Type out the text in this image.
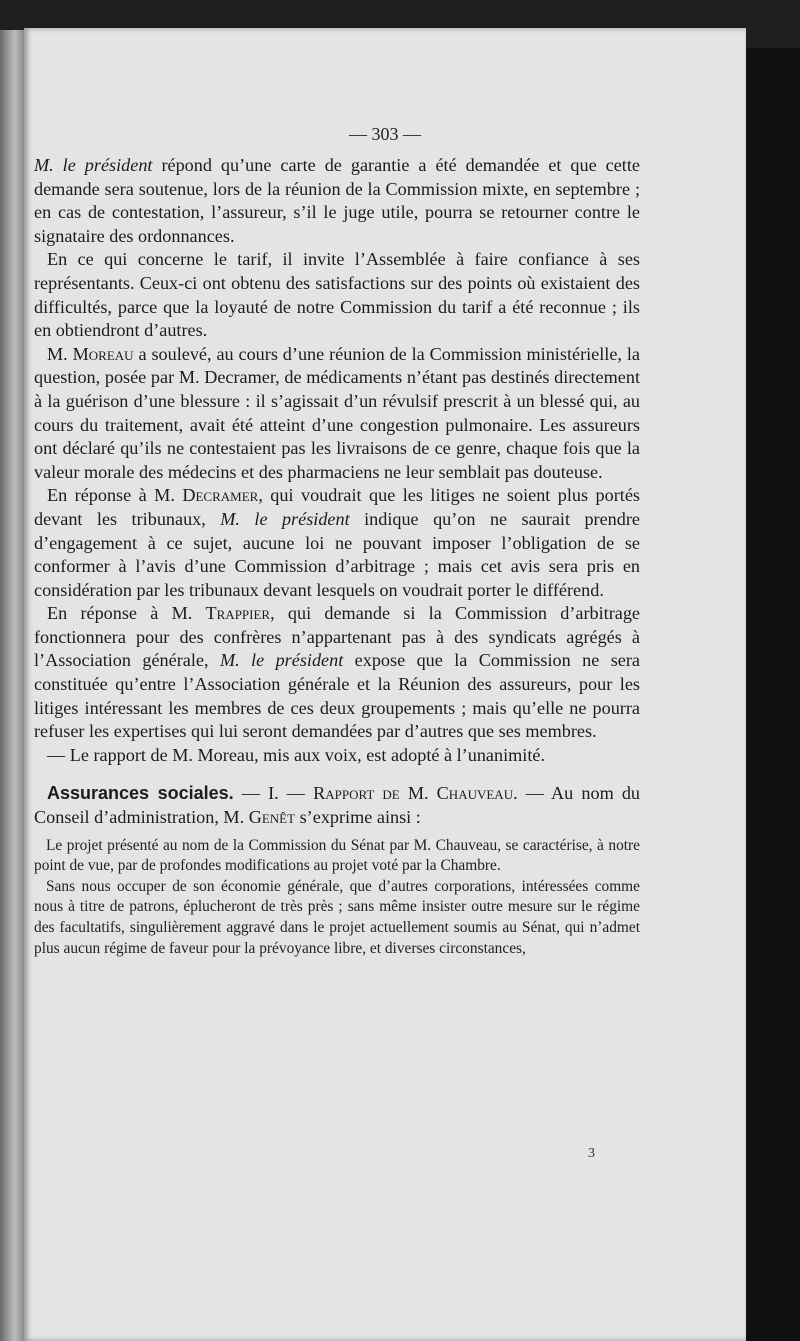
— 303 —

M. le président répond qu’une carte de garantie a été demandée et que cette demande sera soutenue, lors de la réunion de la Commission mixte, en septembre ; en cas de contestation, l’assureur, s’il le juge utile, pourra se retourner contre le signataire des ordonnances.

En ce qui concerne le tarif, il invite l’Assemblée à faire confiance à ses représentants. Ceux-ci ont obtenu des satisfactions sur des points où existaient des difficultés, parce que la loyauté de notre Commission du tarif a été reconnue ; ils en obtiendront d’autres.

M. Moreau a soulevé, au cours d’une réunion de la Commission ministérielle, la question, posée par M. Decramer, de médicaments n’étant pas destinés directement à la guérison d’une blessure : il s’agissait d’un révulsif prescrit à un blessé qui, au cours du traitement, avait été atteint d’une congestion pulmonaire. Les assureurs ont déclaré qu’ils ne contestaient pas les livraisons de ce genre, chaque fois que la valeur morale des médecins et des pharmaciens ne leur semblait pas douteuse.

En réponse à M. Decramer, qui voudrait que les litiges ne soient plus portés devant les tribunaux, M. le président indique qu’on ne saurait prendre d’engagement à ce sujet, aucune loi ne pouvant imposer l’obligation de se conformer à l’avis d’une Commission d’arbitrage ; mais cet avis sera pris en considération par les tribunaux devant lesquels on voudrait porter le différend.

En réponse à M. Trappier, qui demande si la Commission d’arbitrage fonctionnera pour des confrères n’appartenant pas à des syndicats agrégés à l’Association générale, M. le président expose que la Commission ne sera constituée qu’entre l’Association générale et la Réunion des assureurs, pour les litiges intéressant les membres de ces deux groupements ; mais qu’elle ne pourra refuser les expertises qui lui seront demandées par d’autres que ses membres.

— Le rapport de M. Moreau, mis aux voix, est adopté à l’unanimité.

Assurances sociales. — I. — Rapport de M. Chauveau. — Au nom du Conseil d’administration, M. Genêt s’exprime ainsi :

Le projet présenté au nom de la Commission du Sénat par M. Chauveau, se caractérise, à notre point de vue, par de profondes modifications au projet voté par la Chambre.

Sans nous occuper de son économie générale, que d’autres corporations, intéressées comme nous à titre de patrons, éplucheront de très près ; sans même insister outre mesure sur le régime des facultatifs, singulièrement aggravé dans le projet actuellement soumis au Sénat, qui n’admet plus aucun régime de faveur pour la prévoyance libre, et diverses circonstances,

3
